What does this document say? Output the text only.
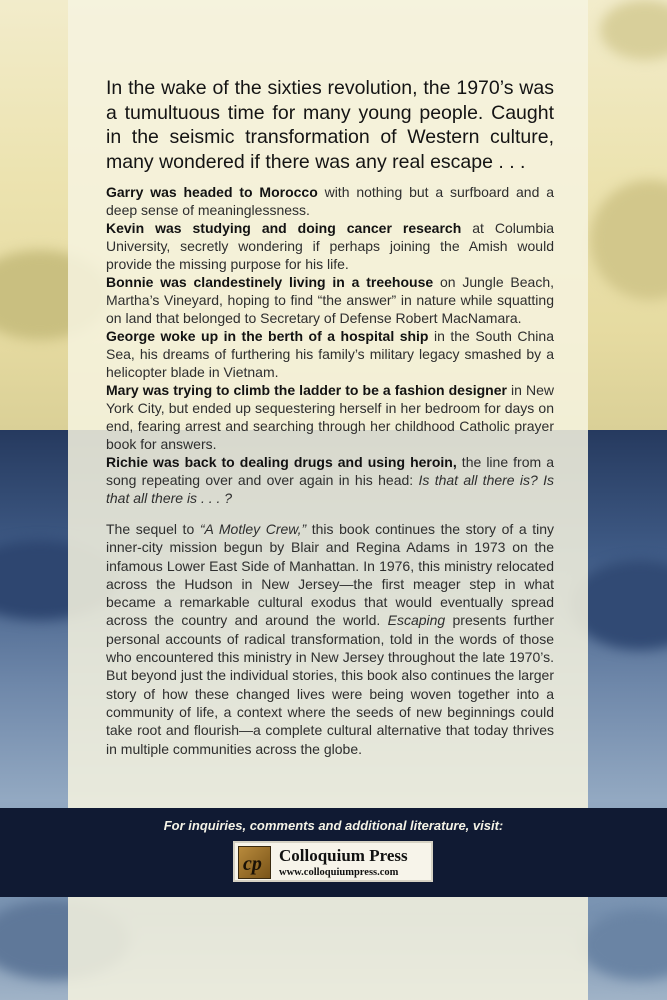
In the wake of the sixties revolution, the 1970’s was a tumultuous time for many young people. Caught in the seismic transformation of Western culture, many wondered if there was any real escape . . .

Garry was headed to Morocco with nothing but a surfboard and a deep sense of meaninglessness.

Kevin was studying and doing cancer research at Columbia University, secretly wondering if perhaps joining the Amish would provide the missing purpose for his life.

Bonnie was clandestinely living in a treehouse on Jungle Beach, Martha’s Vineyard, hoping to find “the answer” in nature while squatting on land that belonged to Secretary of Defense Robert MacNamara.

George woke up in the berth of a hospital ship in the South China Sea, his dreams of furthering his family’s military legacy smashed by a helicopter blade in Vietnam.

Mary was trying to climb the ladder to be a fashion designer in New York City, but ended up sequestering herself in her bedroom for days on end, fearing arrest and searching through her childhood Catholic prayer book for answers.

Richie was back to dealing drugs and using heroin, the line from a song repeating over and over again in his head: Is that all there is? Is that all there is . . . ?

The sequel to “A Motley Crew,” this book continues the story of a tiny inner-city mission begun by Blair and Regina Adams in 1973 on the infamous Lower East Side of Manhattan. In 1976, this ministry relocated across the Hudson in New Jersey—the first meager step in what became a remarkable cultural exodus that would eventually spread across the country and around the world. Escaping presents further personal accounts of radical transformation, told in the words of those who encountered this ministry in New Jersey throughout the late 1970’s. But beyond just the individual stories, this book also continues the larger story of how these changed lives were being woven together into a community of life, a context where the seeds of new beginnings could take root and flourish—a complete cultural alternative that today thrives in multiple communities across the globe.

For inquiries, comments and additional literature, visit:
cp Colloquium Press
www.colloquiumpress.com
